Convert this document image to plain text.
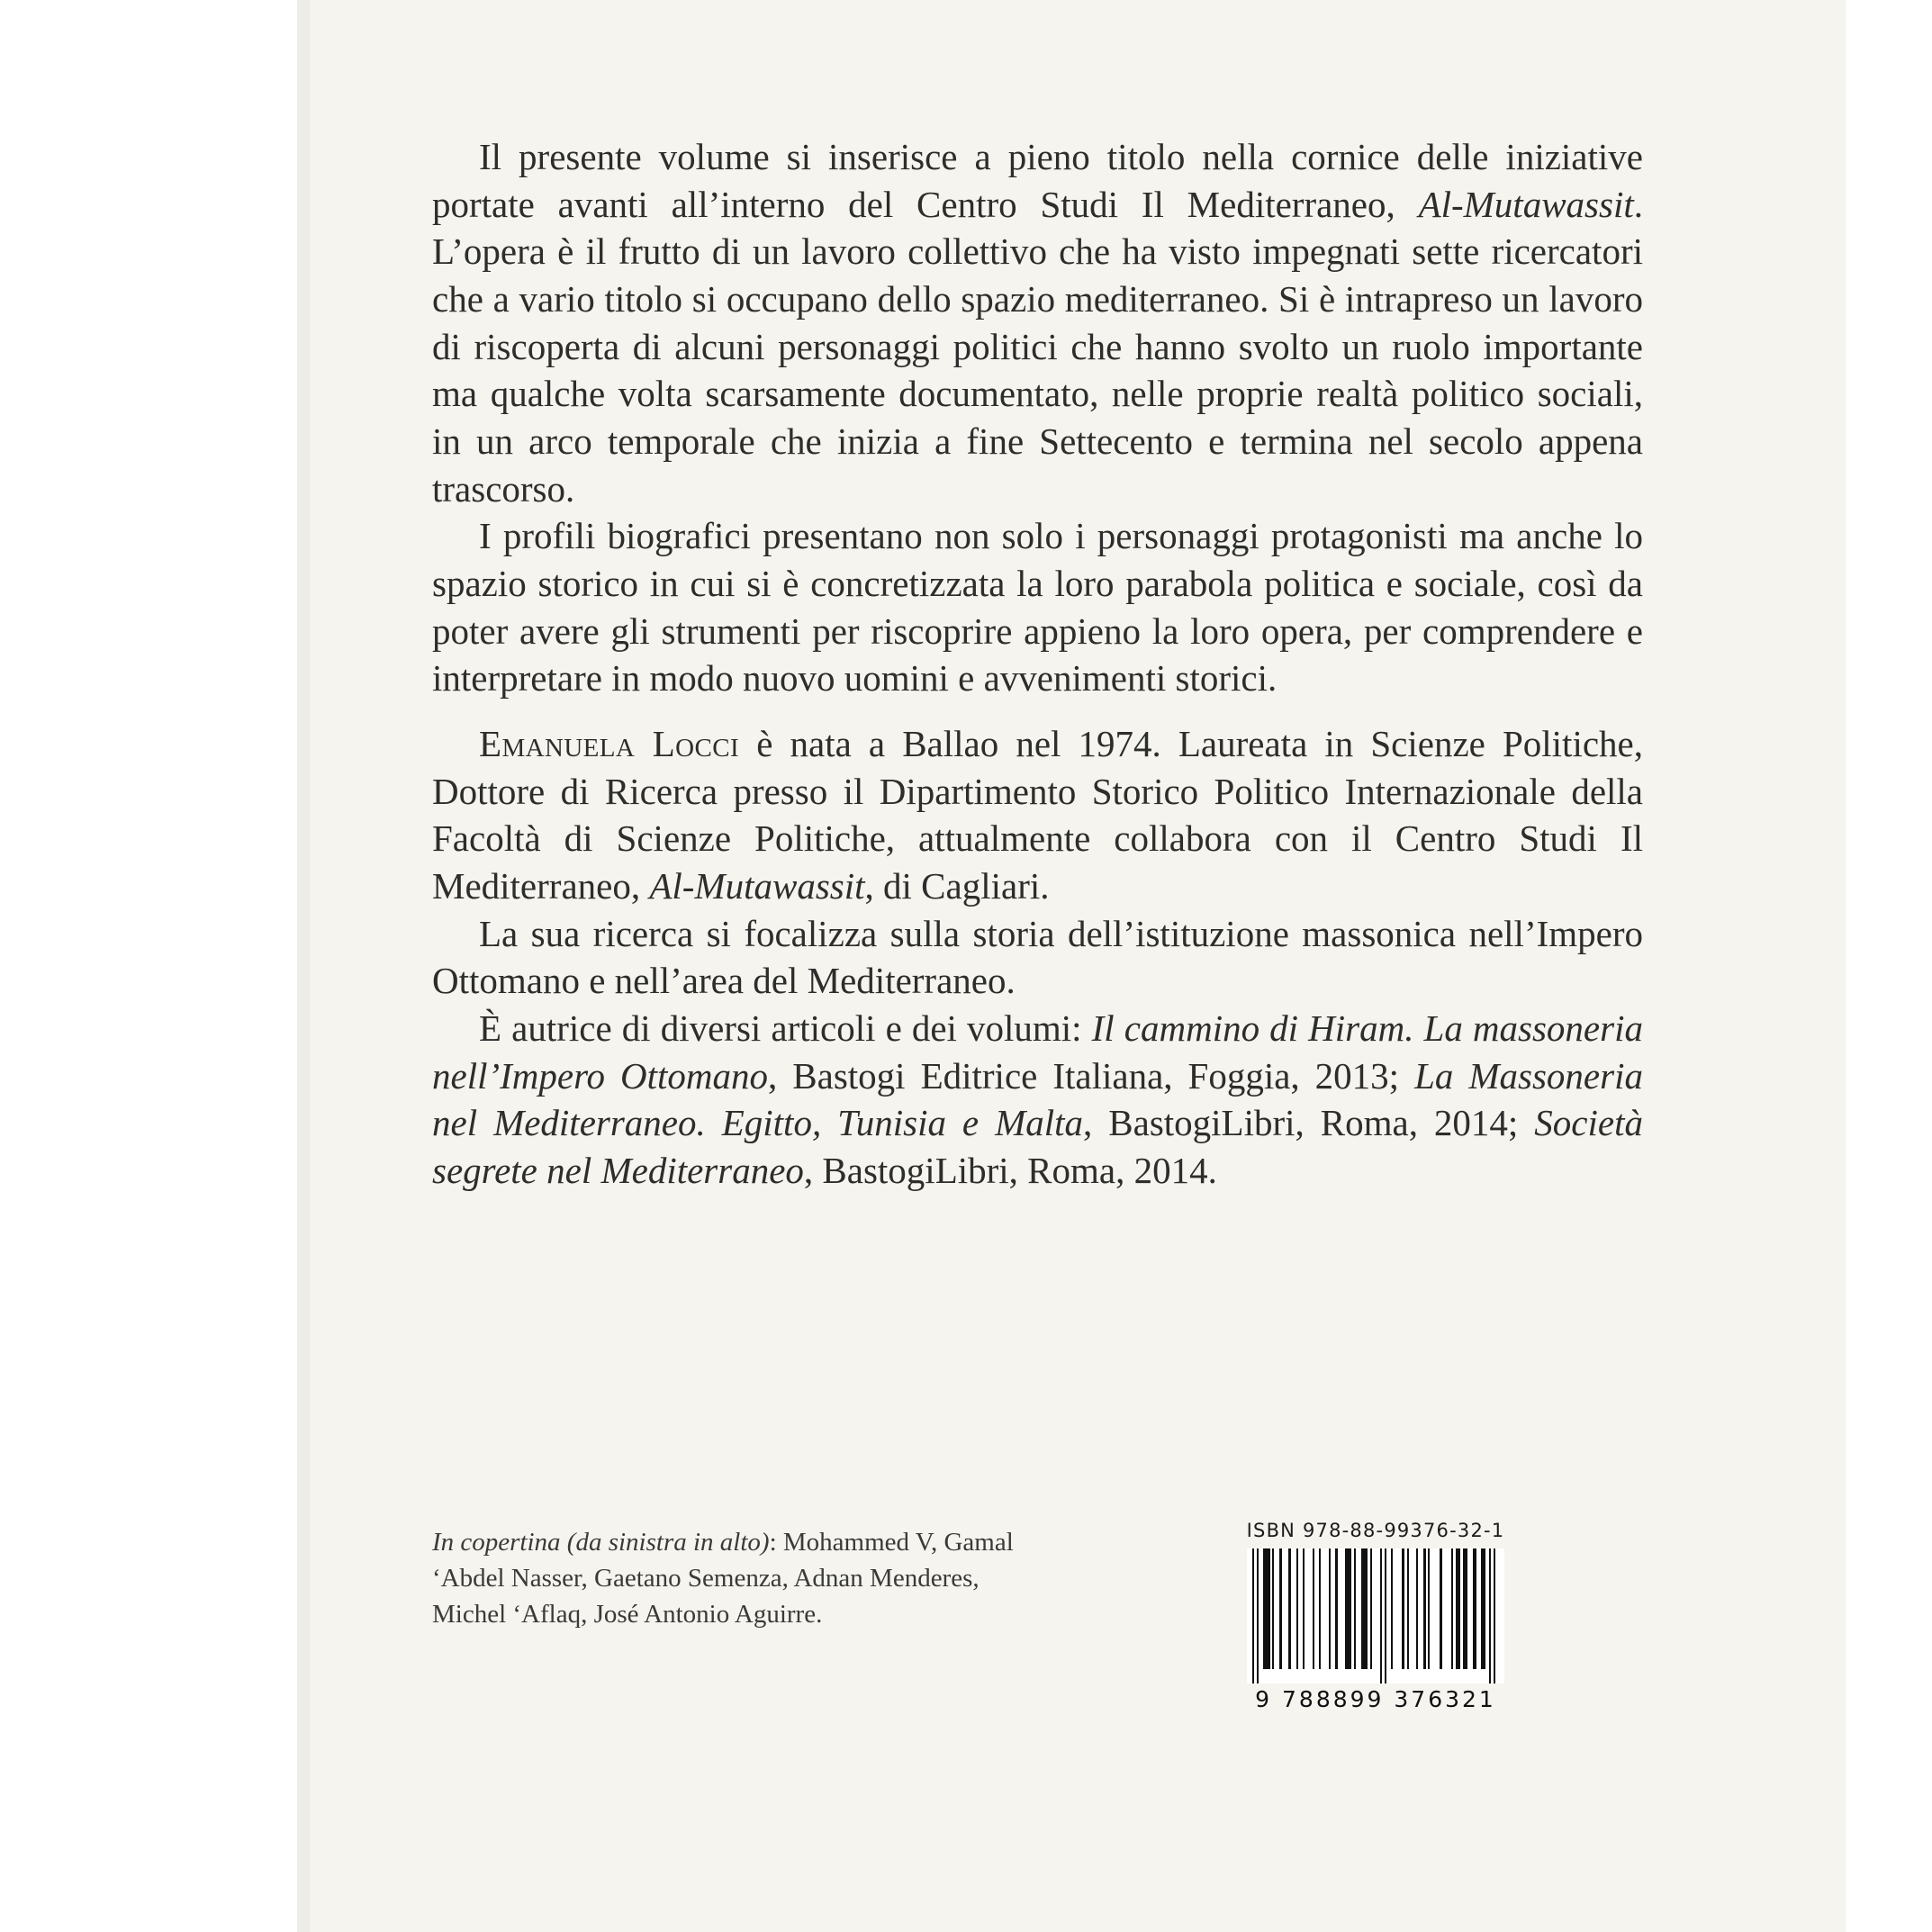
Il presente volume si inserisce a pieno titolo nella cornice delle iniziative portate avanti all’interno del Centro Studi Il Mediterraneo, Al-Mutawassit. L’opera è il frutto di un lavoro collettivo che ha visto impegnati sette ricercatori che a vario titolo si occupano dello spazio mediterraneo. Si è intrapreso un lavoro di riscoperta di alcuni personaggi politici che hanno svolto un ruolo importante ma qualche volta scarsamente documentato, nelle proprie realtà politico sociali, in un arco temporale che inizia a fine Settecento e termina nel secolo appena trascorso.

I profili biografici presentano non solo i personaggi protagonisti ma anche lo spazio storico in cui si è concretizzata la loro parabola politica e sociale, così da poter avere gli strumenti per riscoprire appieno la loro opera, per comprendere e interpretare in modo nuovo uomini e avvenimenti storici.

Emanuela Locci è nata a Ballao nel 1974. Laureata in Scienze Politiche, Dottore di Ricerca presso il Dipartimento Storico Politico Internazionale della Facoltà di Scienze Politiche, attualmente collabora con il Centro Studi Il Mediterraneo, Al-Mutawassit, di Cagliari.

La sua ricerca si focalizza sulla storia dell’istituzione massonica nell’Impero Ottomano e nell’area del Mediterraneo.

È autrice di diversi articoli e dei volumi: Il cammino di Hiram. La massoneria nell’Impero Ottomano, Bastogi Editrice Italiana, Foggia, 2013; La Massoneria nel Mediterraneo. Egitto, Tunisia e Malta, BastogiLibri, Roma, 2014; Società segrete nel Mediterraneo, BastogiLibri, Roma, 2014.

In copertina (da sinistra in alto): Mohammed V, Gamal ‘Abdel Nasser, Gaetano Semenza, Adnan Menderes, Michel ‘Aflaq, José Antonio Aguirre.
ISBN 978-88-99376-32-1
9 788899 376321
